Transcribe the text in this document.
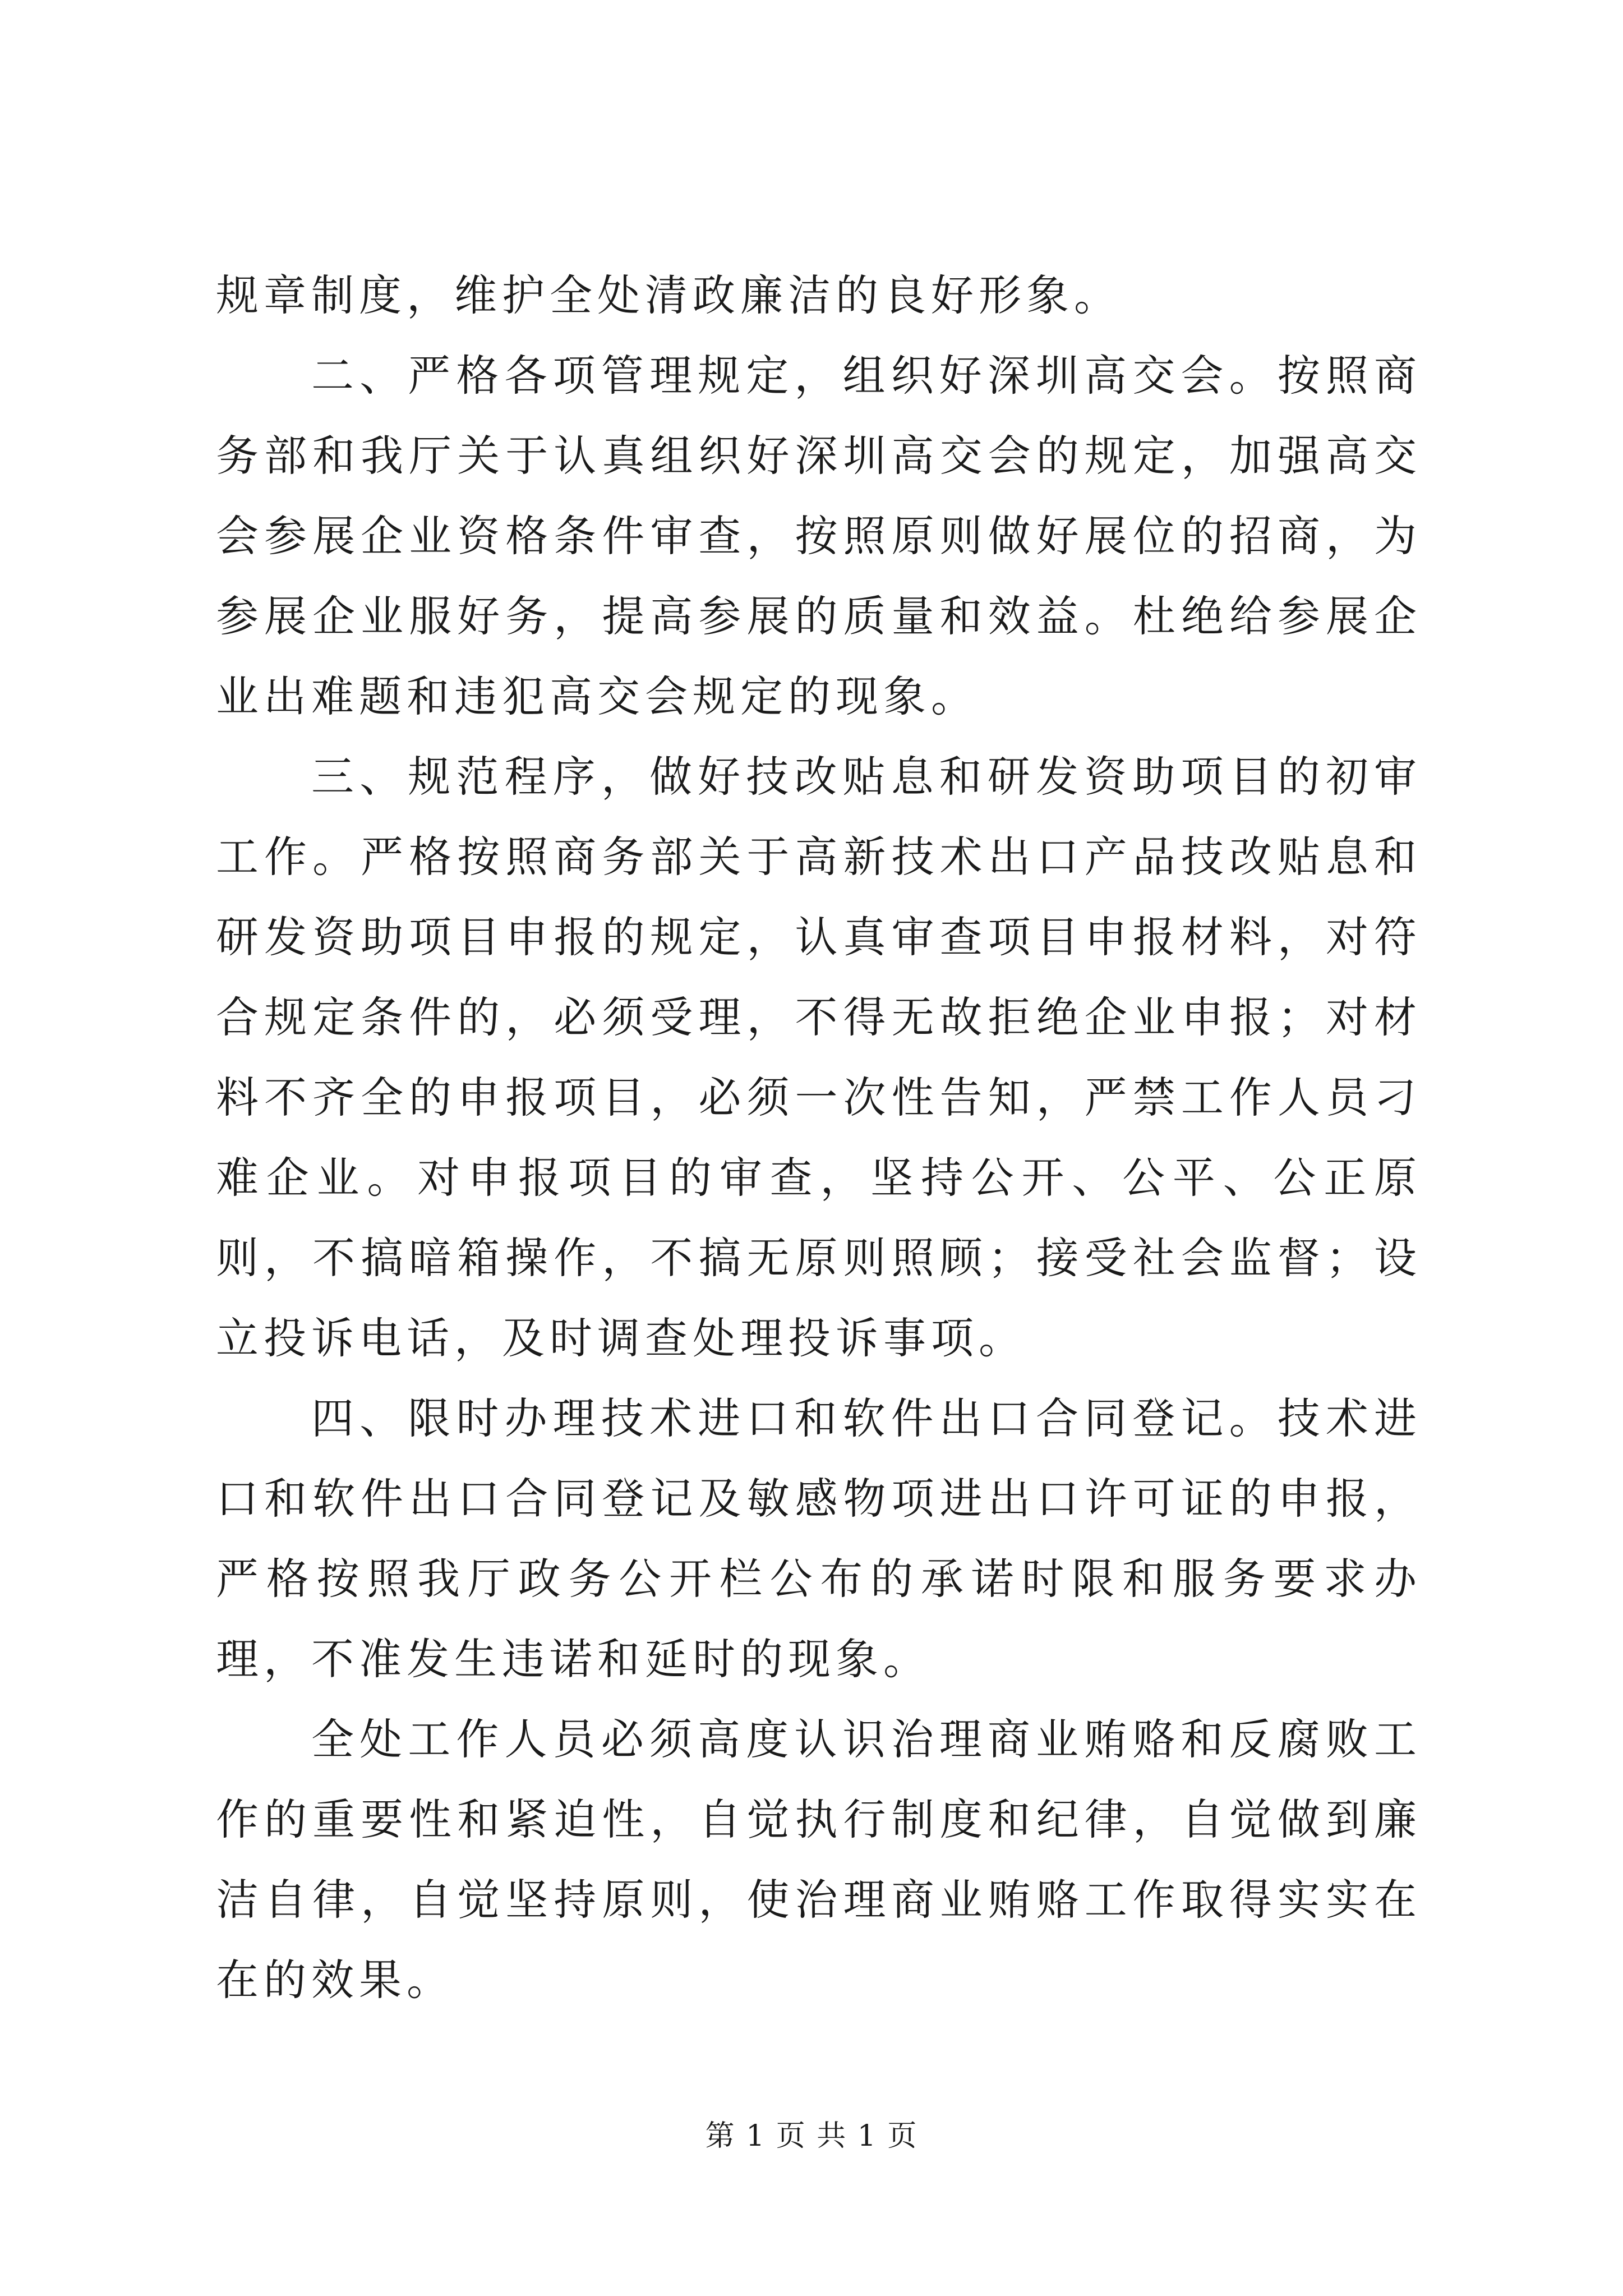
规章制度，维护全处清政廉洁的良好形象。

二、严格各项管理规定，组织好深圳高交会。按照商务部和我厅关于认真组织好深圳高交会的规定，加强高交会参展企业资格条件审查，按照原则做好展位的招商，为参展企业服好务，提高参展的质量和效益。杜绝给参展企业出难题和违犯高交会规定的现象。

三、规范程序，做好技改贴息和研发资助项目的初审工作。严格按照商务部关于高新技术出口产品技改贴息和研发资助项目申报的规定，认真审查项目申报材料，对符合规定条件的，必须受理，不得无故拒绝企业申报；对材料不齐全的申报项目，必须一次性告知，严禁工作人员刁难企业。对申报项目的审查，坚持公开、公平、公正原则，不搞暗箱操作，不搞无原则照顾；接受社会监督；设立投诉电话，及时调查处理投诉事项。

四、限时办理技术进口和软件出口合同登记。技术进口和软件出口合同登记及敏感物项进出口许可证的申报，严格按照我厅政务公开栏公布的承诺时限和服务要求办理，不准发生违诺和延时的现象。

全处工作人员必须高度认识治理商业贿赂和反腐败工作的重要性和紧迫性，自觉执行制度和纪律，自觉做到廉洁自律，自觉坚持原则，使治理商业贿赂工作取得实实在在的效果。

第 1 页 共 1 页
